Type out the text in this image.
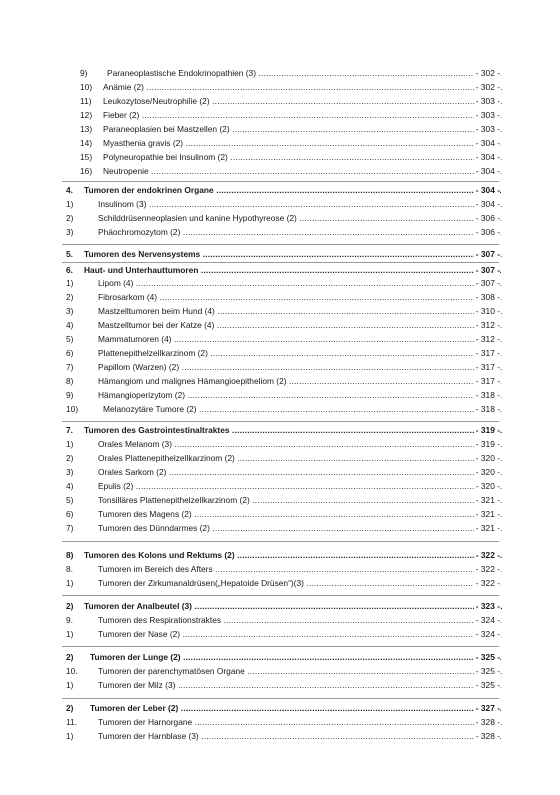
9) Paraneoplastische Endokrinopathien (3) .....	- 302 -
10) Anämie (2) .....	- 302 -
11) Leukozytose/Neutrophilie (2) .....	- 303 -
12) Fieber (2) .....	- 303 -
13) Paraneoplasien bei Mastzellen (2) .....	- 303 -
14) Myasthenia gravis (2) .....	- 304 -
15) Polyneuropathie bei Insulinom (2) .....	- 304 -
16) Neutropenie .....	- 304 -
4. Tumoren der endokrinen Organe .....	- 304 -
1)	Insulinom (3) .....	- 304 -
2)	Schilddrüsenneoplasien und kanine Hypothyreose (2) .....	- 306 -
3)	Phäochromozytom (2) .....	- 306 -
5. Tumoren des Nervensystems .....	- 307 -
6. Haut- und Unterhauttumoren .....	- 307 -
1)	Lipom (4) .....	- 307 -
2)	Fibrosarkom (4) .....	- 308 -
3)	Mastzelltumoren beim Hund (4) .....	- 310 -
4)	Mastzelltumor bei der Katze (4) .....	- 312 -
5)	Mammatumoren (4) .....	- 312 -
6)	Plattenepithelzellkarzinom (2) .....	- 317 -
7)	Papillom (Warzen) (2) .....	- 317 -
8)	Hämangiom und malignes Hämangioepitheliom (2) .....	- 317 -
9)	Hämangioperizytom (2) .....	- 318 -
10)	Melanozytäre Tumore (2) .....	- 318 -
7. Tumoren des Gastrointestinaltraktes .....	- 319 -
1)	Orales Melanom (3) .....	- 319 -
2)	Orales Plattenepithelzellkarzinom (2) .....	- 320 -
3)	Orales Sarkom (2) .....	- 320 -
4)	Epulis (2) .....	- 320 -
5)	Tonsilläres Plattenepithelzellkarzinom (2) .....	- 321 -
6)	Tumoren des Magens (2) .....	- 321 -
7)	Tumoren des Dünndarmes (2) .....	- 321 -
8) Tumoren des Kolons und Rektums (2) .....	- 322 -
8.	Tumoren im Bereich des Afters .....	- 322 -
1)	Tumoren der Zirkumanaldrüsen(„Hepatoide Drüsen“)(3) .....	- 322 -
2) Tumoren der Analbeutel (3) .....	- 323 -
9.	Tumoren des Respirationstraktes .....	- 324 -
1)	Tumoren der Nase (2) .....	- 324 -
2) Tumoren der Lunge (2) .....	- 325 -
10. Tumoren der parenchymatösen Organe .....	- 325 -
1)	Tumoren der Milz (3) .....	- 325 -
2) Tumoren der Leber (2) .....	- 327 -
11. Tumoren der Harnorgane .....	- 328 -
1)	Tumoren der Harnblase (3) .....	- 328 -
